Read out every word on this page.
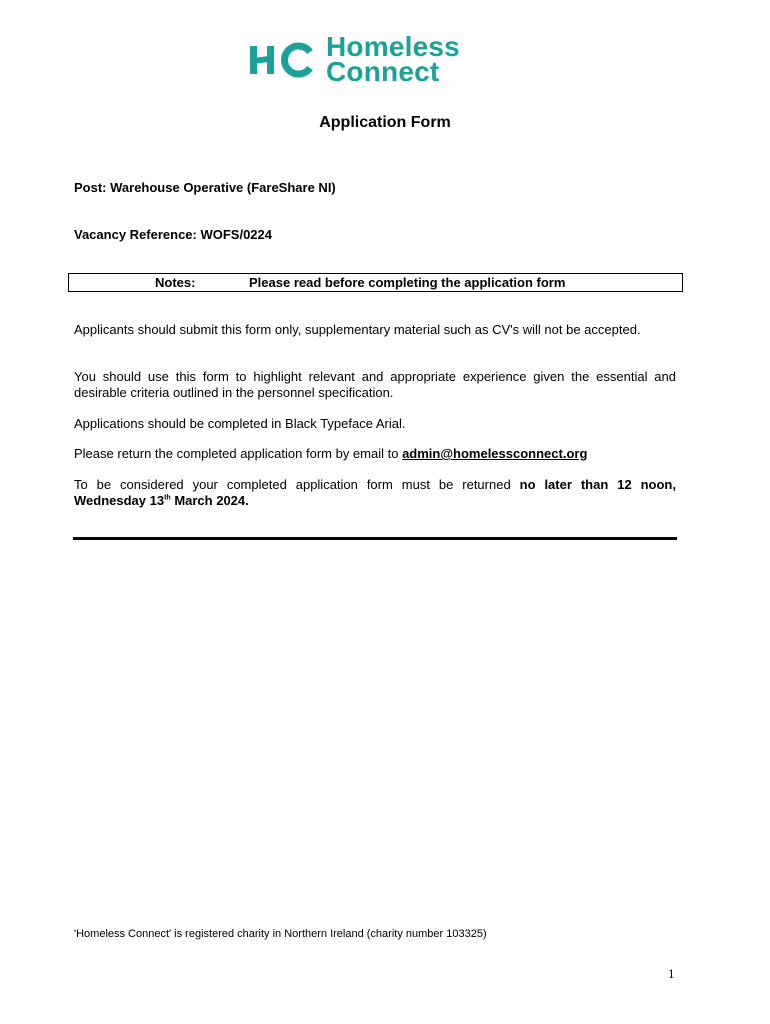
Homeless
Connect
Application Form
Post: Warehouse Operative (FareShare NI)
Vacancy Reference: WOFS/0224
Notes:	Please read before completing the application form
Applicants should submit this form only, supplementary material such as CV's will not be accepted.
You should use this form to highlight relevant and appropriate experience given the essential and desirable criteria outlined in the personnel specification.
Applications should be completed in Black Typeface Arial.
Please return the completed application form by email to admin@homelessconnect.org
To be considered your completed application form must be returned no later than 12 noon, Wednesday 13th March 2024.
'Homeless Connect' is registered charity in Northern Ireland (charity number 103325)
1
